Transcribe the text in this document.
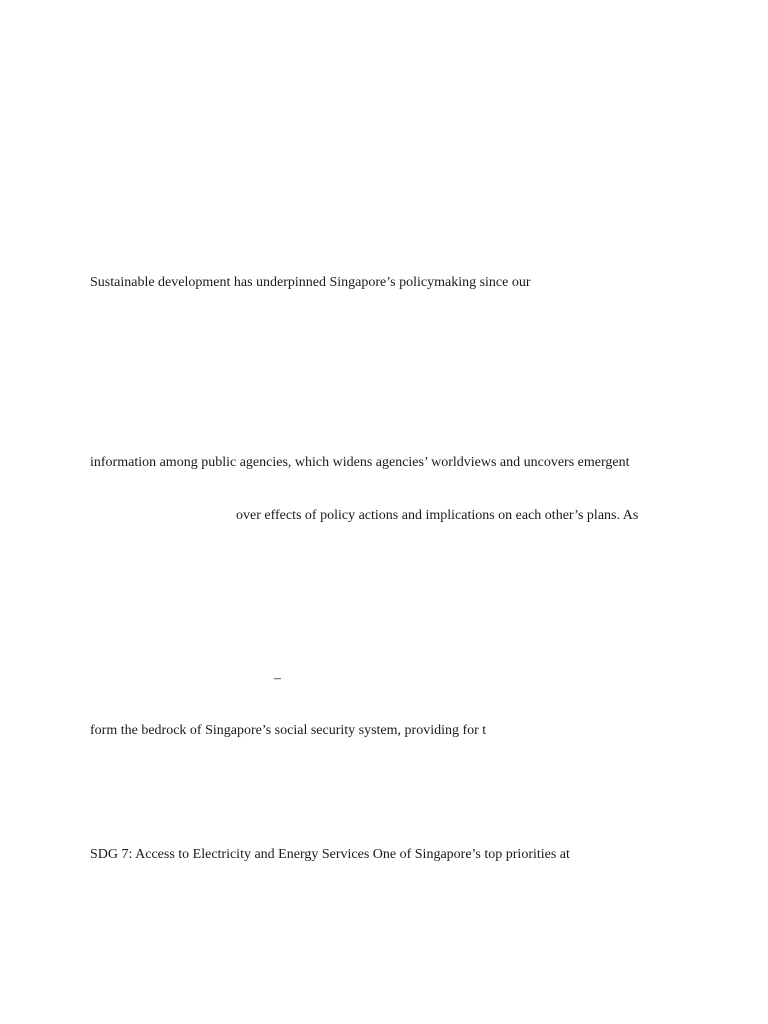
Sustainable development has underpinned Singapore’s policymaking since our
information among public agencies, which widens agencies’ worldviews and uncovers emergent
over effects of policy actions and implications on each other’s plans. As
–
form the bedrock of Singapore’s social security system, providing for t
SDG 7: Access to Electricity and Energy Services One of Singapore’s top priorities at
